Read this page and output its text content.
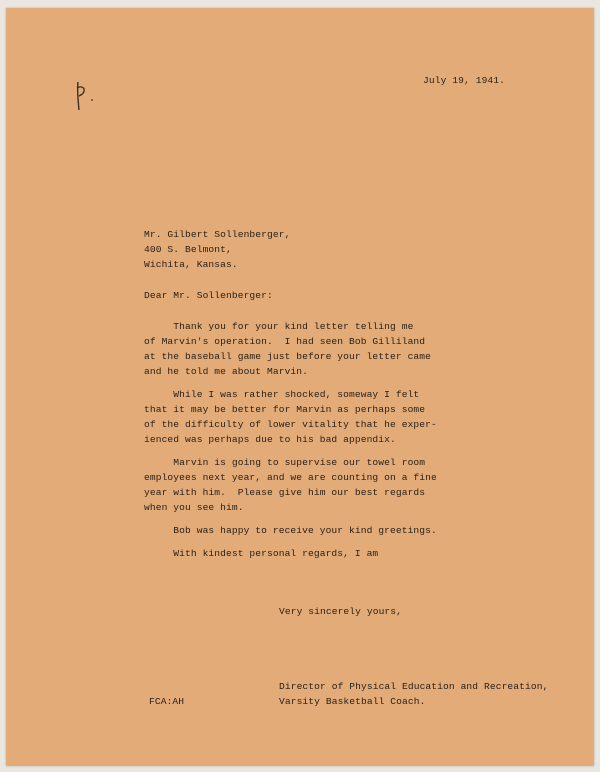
July 19, 1941.
Mr. Gilbert Sollenberger,
400 S. Belmont,
Wichita, Kansas.
Dear Mr. Sollenberger:
Thank you for your kind letter telling me
of Marvin's operation.  I had seen Bob Gilliland
at the baseball game just before your letter came
and he told me about Marvin.
While I was rather shocked, someway I felt
that it may be better for Marvin as perhaps some
of the difficulty of lower vitality that he exper-
ienced was perhaps due to his bad appendix.
Marvin is going to supervise our towel room
employees next year, and we are counting on a fine
year with him.  Please give him our best regards
when you see him.
Bob was happy to receive your kind greetings.
With kindest personal regards, I am
Very sincerely yours,
Director of Physical Education and Recreation,
Varsity Basketball Coach.
FCA:AH
